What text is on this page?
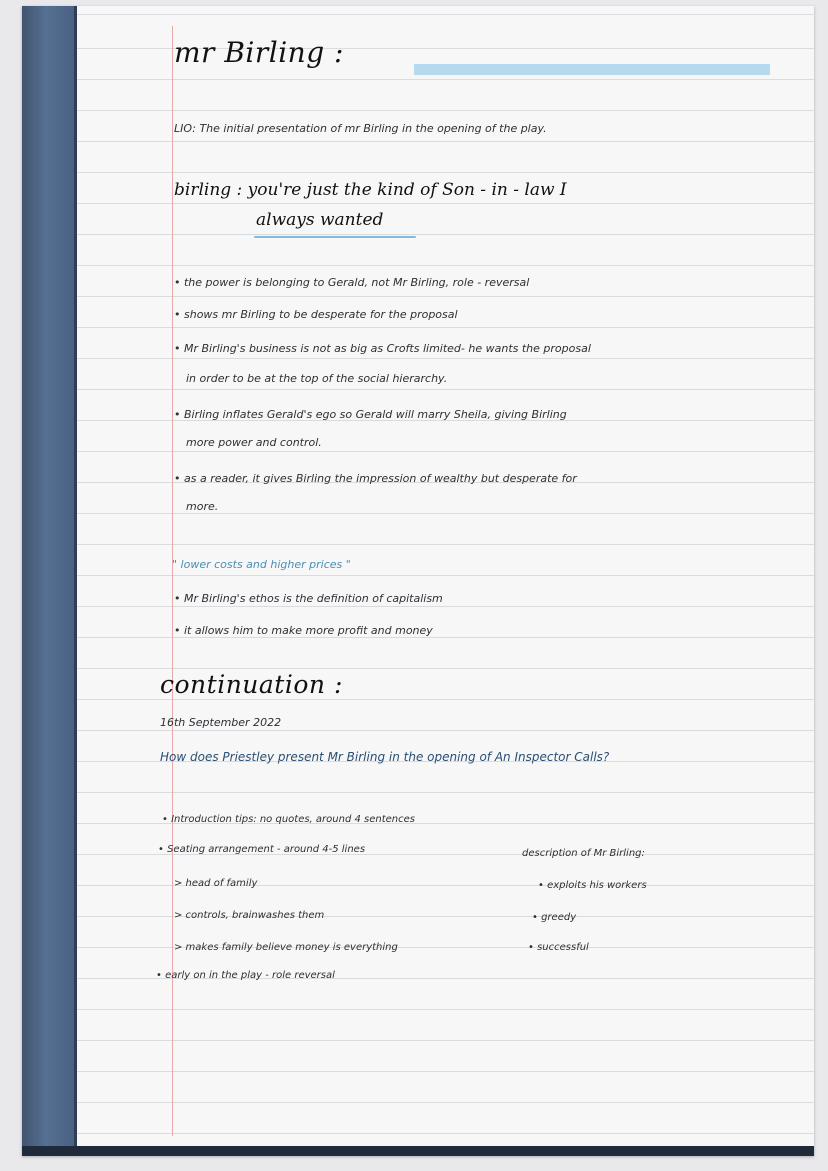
mr Birling :
LIO: The initial presentation of mr Birling in the opening of the play.
birling : you're just the kind of Son - in - law I
always wanted
• the power is belonging to Gerald, not Mr Birling, role - reversal
• shows mr Birling to be desperate for the proposal
• Mr Birling's business is not as big as Crofts limited- he wants the proposal
in order to be at the top of the social hierarchy.
• Birling inflates Gerald's ego so Gerald will marry Sheila, giving Birling
more power and control.
• as a reader, it gives Birling the impression of wealthy but desperate for
more.
" lower costs and higher prices "
• Mr Birling's ethos is the definition of capitalism
• it allows him to make more profit and money
continuation :
16th September 2022
How does Priestley present Mr Birling in the opening of An Inspector Calls?
• Introduction tips: no quotes, around 4 sentences
• Seating arrangement - around 4-5 lines
> head of family
> controls, brainwashes them
> makes family believe money is everything
• early on in the play - role reversal
description of Mr Birling:
• exploits his workers
• greedy
• successful
